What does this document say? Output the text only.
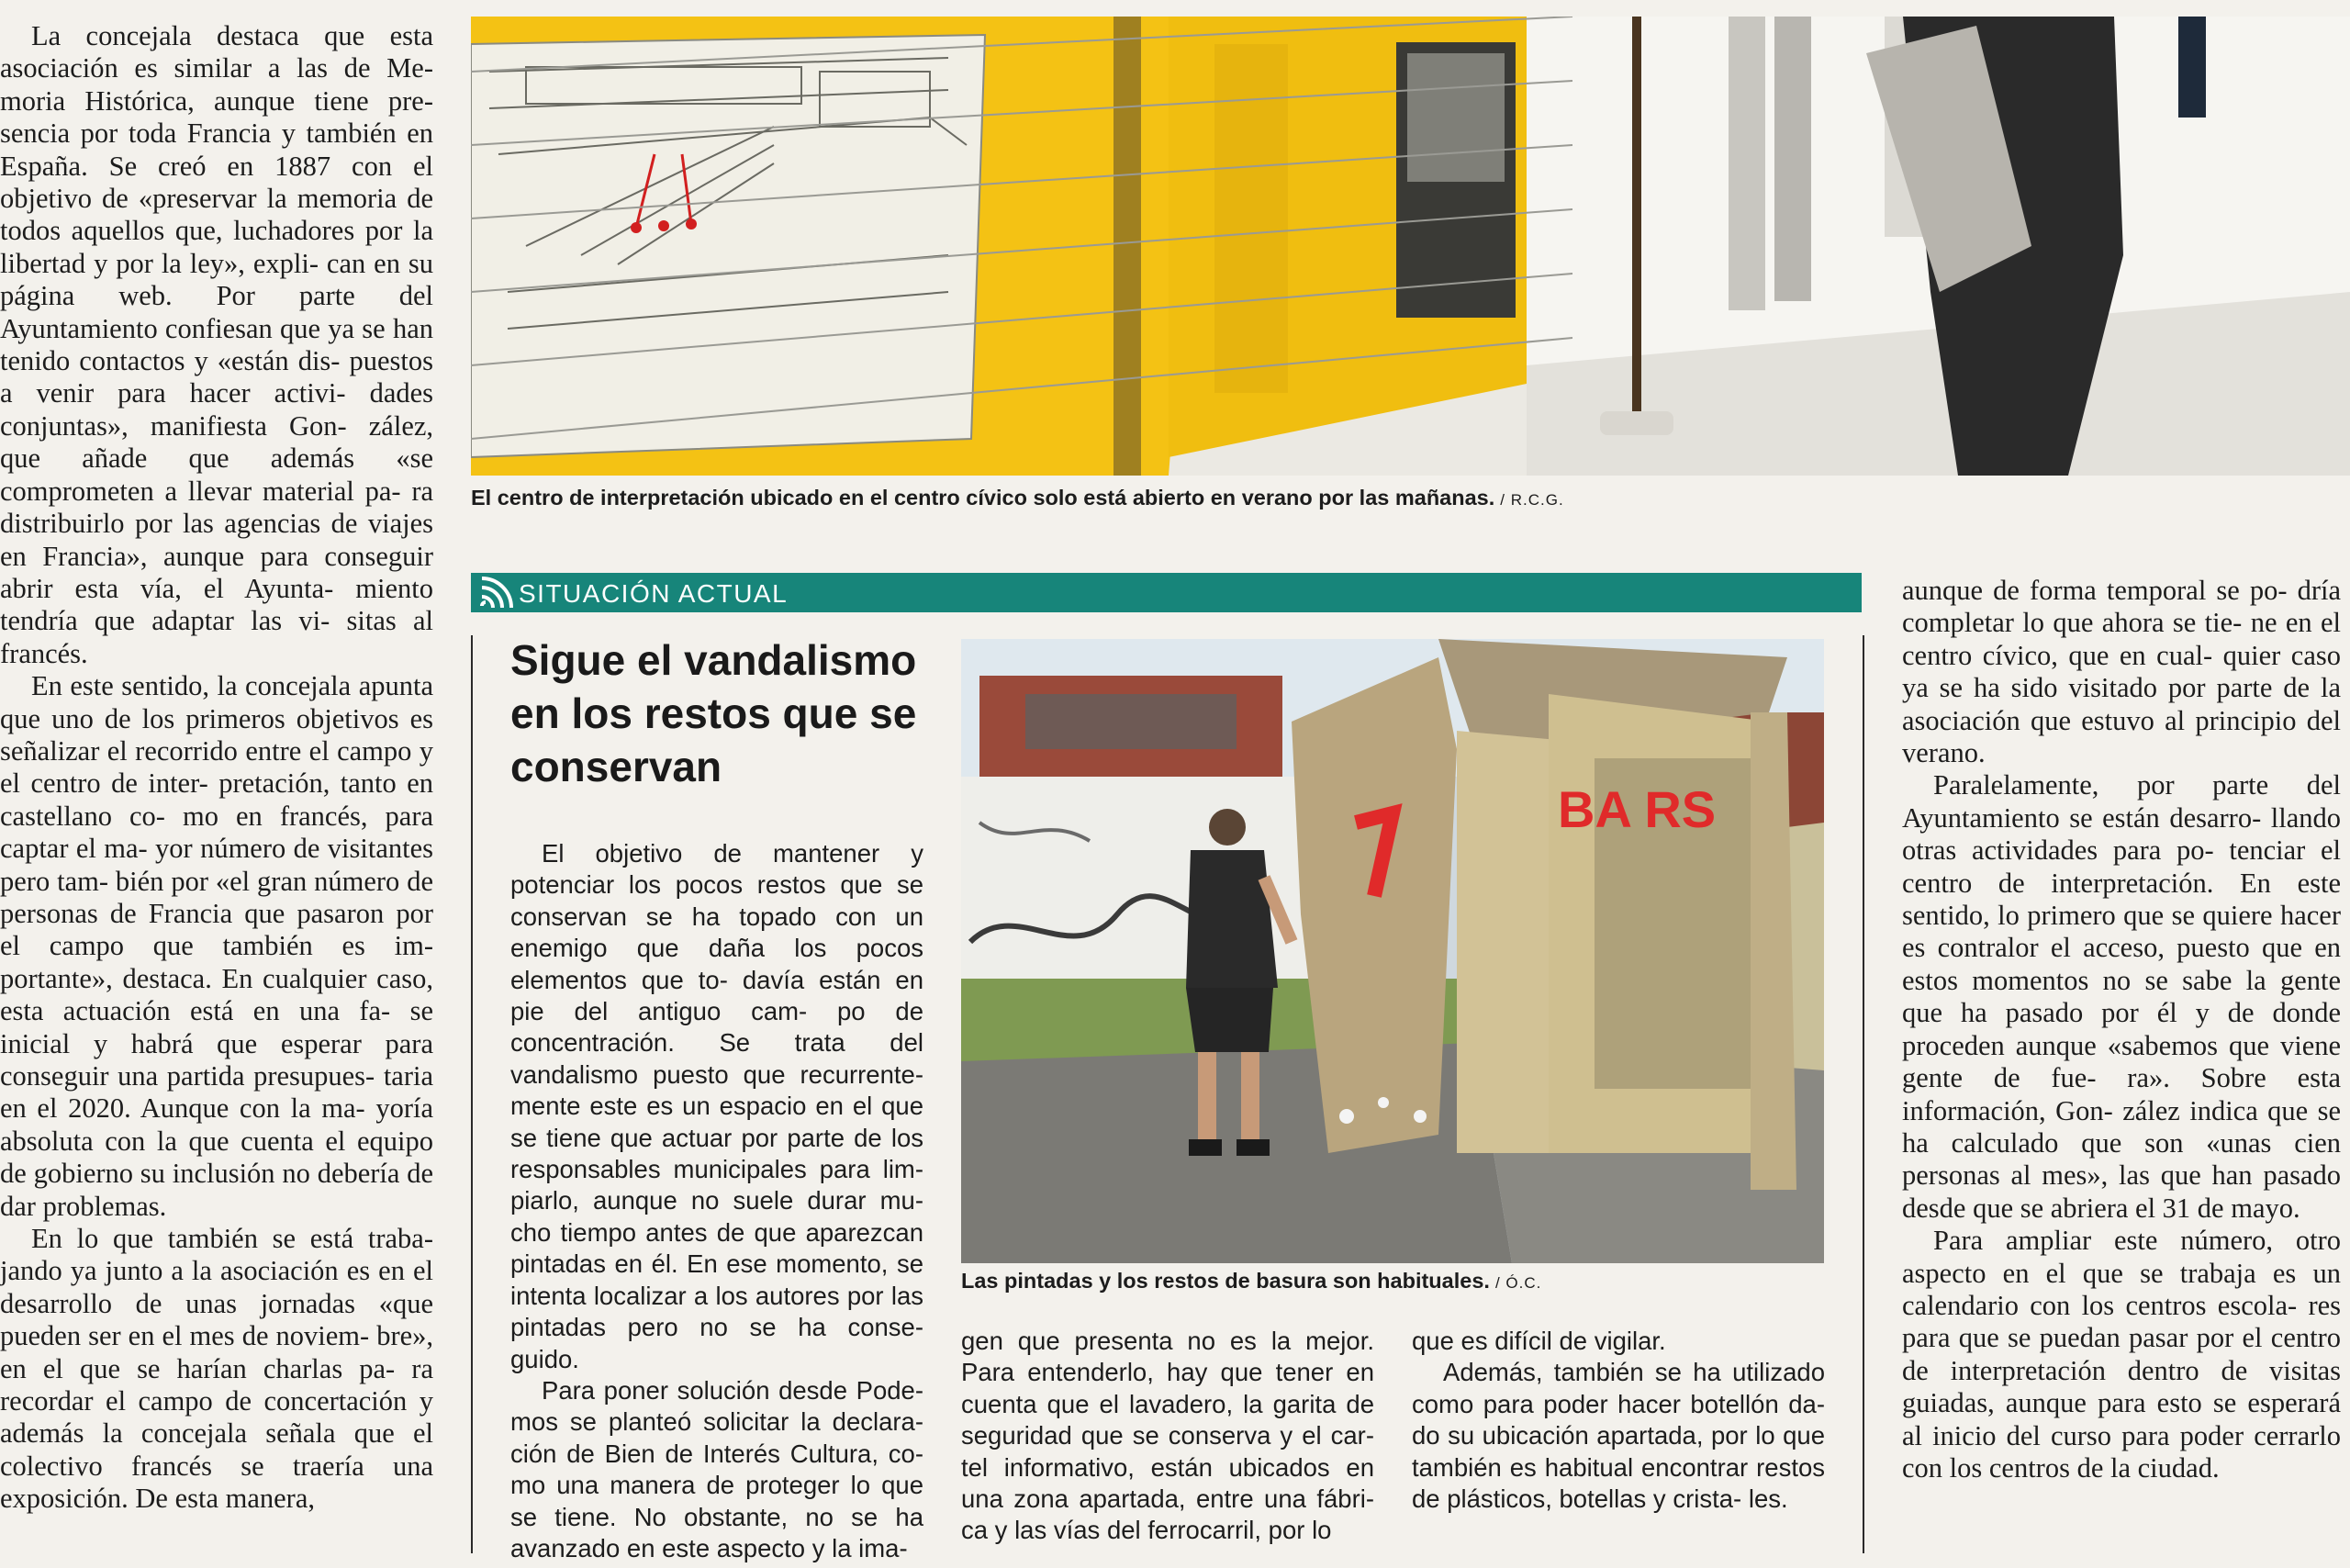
La concejala destaca que esta asociación es similar a las de Me- moria Histórica, aunque tiene pre- sencia por toda Francia y también en España. Se creó en 1887 con el objetivo de «preservar la memoria de todos aquellos que, luchadores por la libertad y por la ley», expli- can en su página web. Por parte del Ayuntamiento confiesan que ya se han tenido contactos y «están dis- puestos a venir para hacer activi- dades conjuntas», manifiesta Gon- zález, que añade que además «se comprometen a llevar material pa- ra distribuirlo por las agencias de viajes en Francia», aunque para conseguir abrir esta vía, el Ayunta- miento tendría que adaptar las vi- sitas al francés.

En este sentido, la concejala apunta que uno de los primeros objetivos es señalizar el recorrido entre el campo y el centro de inter- pretación, tanto en castellano co- mo en francés, para captar el ma- yor número de visitantes pero tam- bién por «el gran número de personas de Francia que pasaron por el campo que también es im- portante», destaca. En cualquier caso, esta actuación está en una fa- se inicial y habrá que esperar para conseguir una partida presupues- taria en el 2020. Aunque con la ma- yoría absoluta con la que cuenta el equipo de gobierno su inclusión no debería de dar problemas.

En lo que también se está traba- jando ya junto a la asociación es en el desarrollo de unas jornadas «que pueden ser en el mes de noviem- bre», en el que se harían charlas pa- ra recordar el campo de concertación y además la concejala señala que el colectivo francés se traería una exposición. De esta manera,

El centro de interpretación ubicado en el centro cívico solo está abierto en verano por las mañanas. / R.C.G.
SITUACIÓN ACTUAL
Sigue el vandalismo en los restos que se conservan

El objetivo de mantener y potenciar los pocos restos que se conservan se ha topado con un enemigo que daña los pocos elementos que to- davía están en pie del antiguo cam- po de concentración. Se trata del vandalismo puesto que recurrente- mente este es un espacio en el que se tiene que actuar por parte de los responsables municipales para lim- piarlo, aunque no suele durar mu- cho tiempo antes de que aparezcan pintadas en él. En ese momento, se intenta localizar a los autores por las pintadas pero no se ha conse- guido.

Para poner solución desde Pode- mos se planteó solicitar la declara- ción de Bien de Interés Cultura, co- mo una manera de proteger lo que se tiene. No obstante, no se ha avanzado en este aspecto y la ima-

BA RS
Las pintadas y los restos de basura son habituales. / Ó.C.

gen que presenta no es la mejor. Para entenderlo, hay que tener en cuenta que el lavadero, la garita de seguridad que se conserva y el car- tel informativo, están ubicados en una zona apartada, entre una fábri- ca y las vías del ferrocarril, por lo

que es difícil de vigilar.

Además, también se ha utilizado como para poder hacer botellón da- do su ubicación apartada, por lo que también es habitual encontrar restos de plásticos, botellas y crista- les.

aunque de forma temporal se po- dría completar lo que ahora se tie- ne en el centro cívico, que en cual- quier caso ya se ha sido visitado por parte de la asociación que estuvo al principio del verano.

Paralelamente, por parte del Ayuntamiento se están desarro- llando otras actividades para po- tenciar el centro de interpretación. En este sentido, lo primero que se quiere hacer es contralor el acceso, puesto que en estos momentos no se sabe la gente que ha pasado por él y de donde proceden aunque «sabemos que viene gente de fue- ra». Sobre esta información, Gon- zález indica que se ha calculado que son «unas cien personas al mes», las que han pasado desde que se abriera el 31 de mayo.

Para ampliar este número, otro aspecto en el que se trabaja es un calendario con los centros escola- res para que se puedan pasar por el centro de interpretación dentro de visitas guiadas, aunque para esto se esperará al inicio del curso para poder cerrarlo con los centros de la ciudad.
